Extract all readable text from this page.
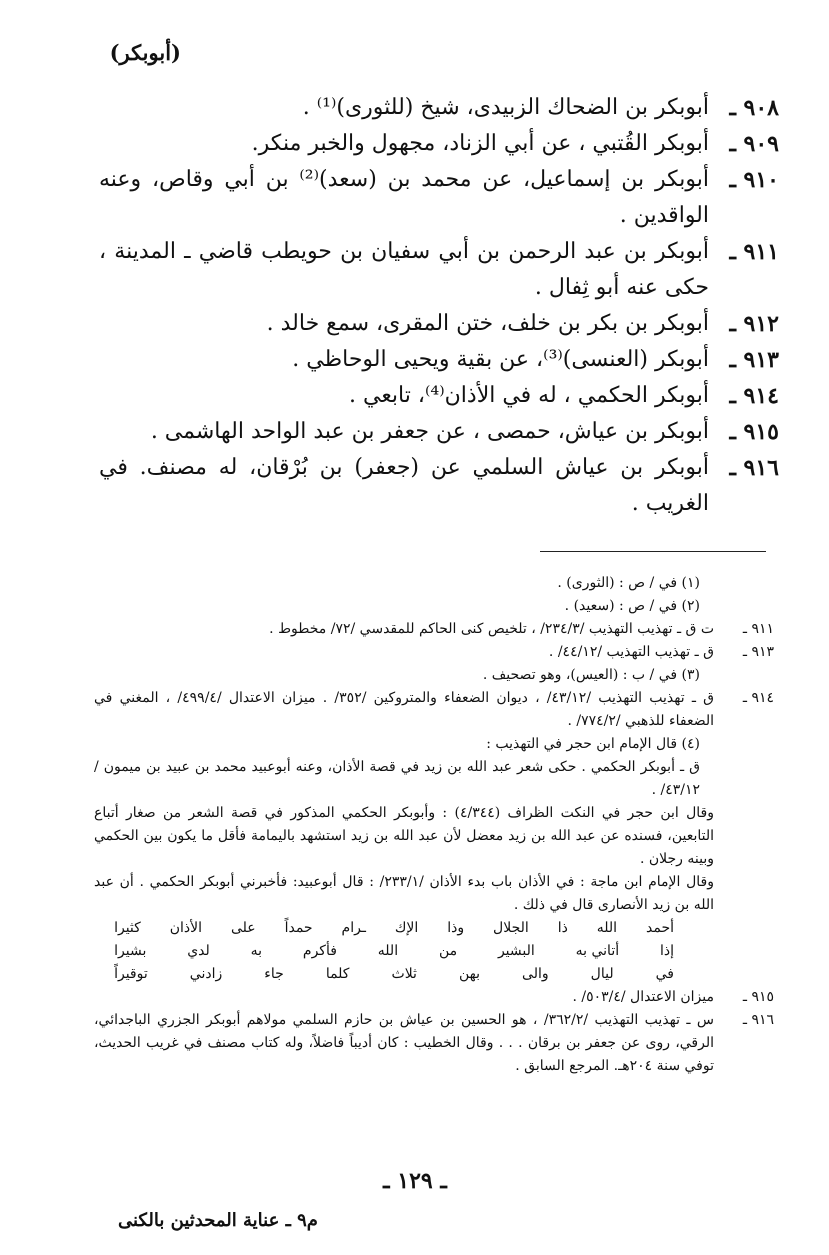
(أبوبكر)
٩٠٨ ـ
أبوبكر بن الضحاك الزبيدى، شيخ (للثورى)⁽¹⁾ .
٩٠٩ ـ
أبوبكر القُتبي ، عن أبي الزناد، مجهول والخبر منكر.
٩١٠ ـ
أبوبكر بن إسماعيل، عن محمد بن (سعد)⁽²⁾ بن أبي وقاص، وعنه الواقدين .
٩١١ ـ
أبوبكر بن عبد الرحمن بن أبي سفيان بن حويطب قاضي ـ المدينة ، حكى عنه أبو ثِفال .
٩١٢ ـ
أبوبكر بن بكر بن خلف، ختن المقرى، سمع خالد .
٩١٣ ـ
أبوبكر (العنسى)⁽³⁾، عن بقية ويحيى الوحاظي .
٩١٤ ـ
أبوبكر الحكمي ، له في الأذان⁽⁴⁾، تابعي .
٩١٥ ـ
أبوبكر بن عياش، حمصى ، عن جعفر بن عبد الواحد الهاشمى .
٩١٦ ـ
أبوبكر بن عياش السلمي عن (جعفر) بن بُرْقان، له مصنف. في الغريب .
(١) في / ص : (الثورى) .
(٢) في / ص : (سعيد) .
٩١١ ـ
ت ق ـ تهذيب التهذيب /٢٣٤/٣/ ، تلخيص كنى الحاكم للمقدسي /٧٢/ مخطوط .
٩١٣ ـ
ق ـ تهذيب التهذيب /٤٤/١٢/ .
(٣) في / ب : (العيس)، وهو تصحيف .
٩١٤ ـ
ق ـ تهذيب التهذيب /٤٣/١٢/ ، ديوان الضعفاء والمتروكين /٣٥٢/ . ميزان الاعتدال /٤٩٩/٤/ ، المغني في الضعفاء للذهبي /٧٧٤/٢/ .
(٤) قال الإمام ابن حجر في التهذيب :
ق ـ أبوبكر الحكمي . حكى شعر عبد الله بن زيد في قصة الأذان، وعنه أبوعبيد محمد بن عبيد بن ميمون /٤٣/١٢/ .
وقال ابن حجر في النكت الظراف (٤/٣٤٤) : وأبوبكر الحكمي المذكور في قصة الشعر من صغار أتباع التابعين، فسنده عن عبد الله بن زيد معضل لأن عبد الله بن زيد استشهد باليمامة فأقل ما يكون بين الحكمي وبينه رجلان .
وقال الإمام ابن ماجة : في الأذان باب بدء الأذان /٢٣٣/١/ : قال أبوعبيد: فأخبرني أبوبكر الحكمي . أن عبد الله بن زيد الأنصارى قال في ذلك .
أحمد
الله
ذا
الجلال
وذا
الإك
ـرام
حمداً
على
الأذان
كثيرا
إذا
أتاني به
البشير
من
الله
فأكرم
به
لدي
بشيرا
في
ليال
والى
بهن
ثلاث
كلما
جاء
زادني
توقيراً
٩١٥ ـ
ميزان الاعتدال /٥٠٣/٤/ .
٩١٦ ـ
س ـ تهذيب التهذيب /٣٦٢/٢/ ، هو الحسين بن عياش بن حازم السلمي مولاهم أبوبكر الجزري الباجدائي، الرقي، روى عن جعفر بن برقان . . . وقال الخطيب : كان أديباً فاضلاً، وله كتاب مصنف في غريب الحديث، توفي سنة ٢٠٤هـ. المرجع السابق .
ـ ١٢٩ ـ
م٩ ـ عناية المحدثين بالكنى
